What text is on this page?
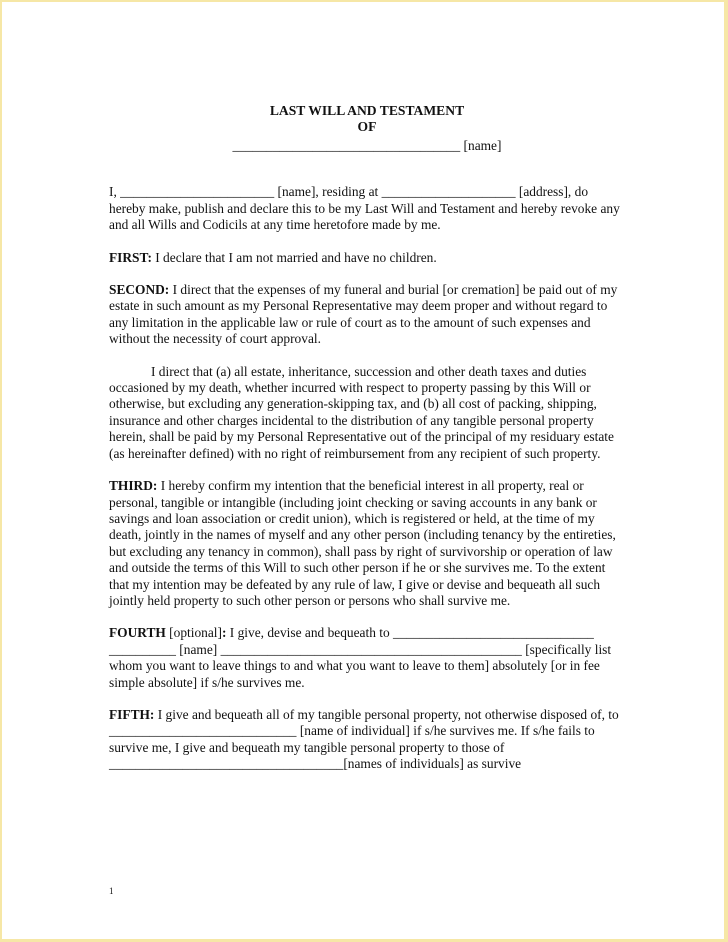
LAST WILL AND TESTAMENT
OF
__________________________________ [name]

I, _______________________ [name], residing at ____________________ [address], do hereby make, publish and declare this to be my Last Will and Testament and hereby revoke any and all Wills and Codicils at any time heretofore made by me.

FIRST: I declare that I am not married and have no children.

SECOND: I direct that the expenses of my funeral and burial [or cremation] be paid out of my estate in such amount as my Personal Representative may deem proper and without regard to any limitation in the applicable law or rule of court as to the amount of such expenses and without the necessity of court approval.

I direct that (a) all estate, inheritance, succession and other death taxes and duties occasioned by my death, whether incurred with respect to property passing by this Will or otherwise, but excluding any generation-skipping tax, and (b) all cost of packing, shipping, insurance and other charges incidental to the distribution of any tangible personal property herein, shall be paid by my Personal Representative out of the principal of my residuary estate (as hereinafter defined) with no right of reimbursement from any recipient of such property.

THIRD: I hereby confirm my intention that the beneficial interest in all property, real or personal, tangible or intangible (including joint checking or saving accounts in any bank or savings and loan association or credit union), which is registered or held, at the time of my death, jointly in the names of myself and any other person (including tenancy by the entireties, but excluding any tenancy in common), shall pass by right of survivorship or operation of law and outside the terms of this Will to such other person if he or she survives me. To the extent that my intention may be defeated by any rule of law, I give or devise and bequeath all such jointly held property to such other person or persons who shall survive me.

FOURTH [optional]: I give, devise and bequeath to ______________________________ __________ [name] _____________________________________________ [specifically list whom you want to leave things to and what you want to leave to them] absolutely [or in fee simple absolute] if s/he survives me.

FIFTH: I give and bequeath all of my tangible personal property, not otherwise disposed of, to ____________________________ [name of individual] if s/he survives me. If s/he fails to survive me, I give and bequeath my tangible personal property to those of ___________________________________[names of individuals] as survive

1
